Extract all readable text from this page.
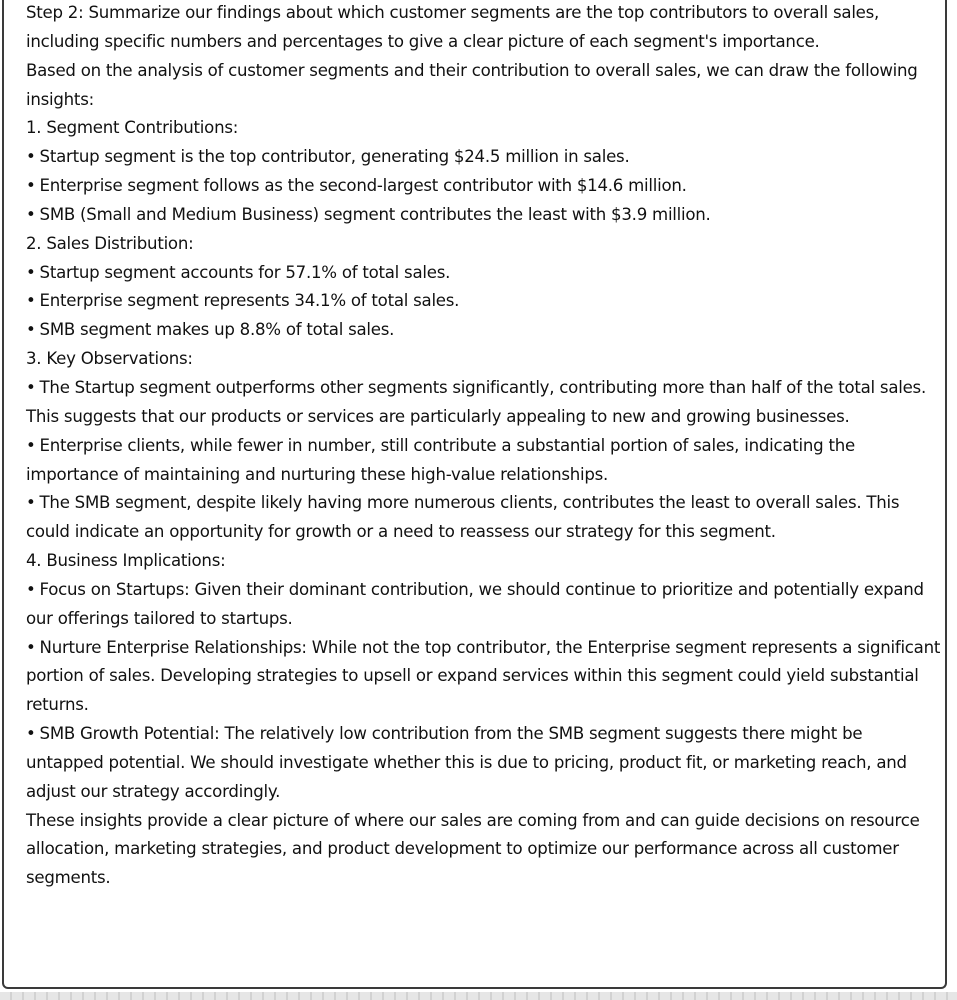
Step 2: Summarize our findings about which customer segments are the top contributors to overall sales, including specific numbers and percentages to give a clear picture of each segment's importance.

Based on the analysis of customer segments and their contribution to overall sales, we can draw the following insights:

1. Segment Contributions:

• Startup segment is the top contributor, generating $24.5 million in sales.

• Enterprise segment follows as the second-largest contributor with $14.6 million.

• SMB (Small and Medium Business) segment contributes the least with $3.9 million.

2. Sales Distribution:

• Startup segment accounts for 57.1% of total sales.

• Enterprise segment represents 34.1% of total sales.

• SMB segment makes up 8.8% of total sales.

3. Key Observations:

• The Startup segment outperforms other segments significantly, contributing more than half of the total sales. This suggests that our products or services are particularly appealing to new and growing businesses.

• Enterprise clients, while fewer in number, still contribute a substantial portion of sales, indicating the importance of maintaining and nurturing these high-value relationships.

• The SMB segment, despite likely having more numerous clients, contributes the least to overall sales. This could indicate an opportunity for growth or a need to reassess our strategy for this segment.

4. Business Implications:

• Focus on Startups: Given their dominant contribution, we should continue to prioritize and potentially expand our offerings tailored to startups.

• Nurture Enterprise Relationships: While not the top contributor, the Enterprise segment represents a significant portion of sales. Developing strategies to upsell or expand services within this segment could yield substantial returns.

• SMB Growth Potential: The relatively low contribution from the SMB segment suggests there might be untapped potential. We should investigate whether this is due to pricing, product fit, or marketing reach, and adjust our strategy accordingly.

These insights provide a clear picture of where our sales are coming from and can guide decisions on resource allocation, marketing strategies, and product development to optimize our performance across all customer segments.
